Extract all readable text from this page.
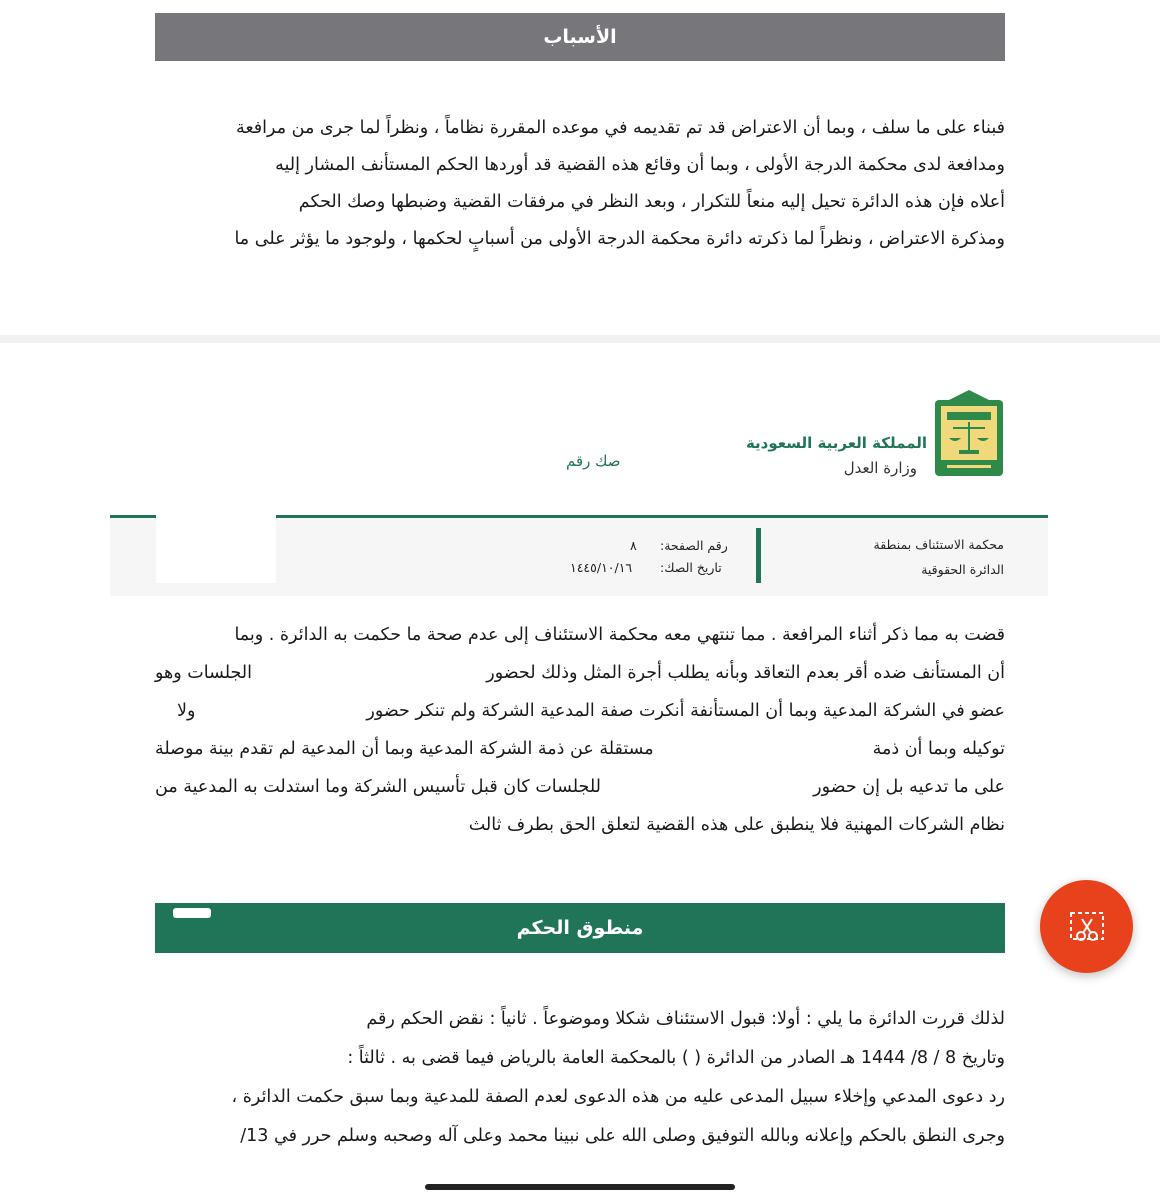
الأسباب
فبناء على ما سلف ، وبما أن الاعتراض قد تم تقديمه في موعده المقررة نظاماً ، ونظراً لما جرى من مرافعة
ومدافعة لدى محكمة الدرجة الأولى ، وبما أن وقائع هذه القضية قد أوردها الحكم المستأنف المشار إليه
أعلاه فإن هذه الدائرة تحيل إليه منعاً للتكرار ، وبعد النظر في مرفقات القضية وضبطها وصك الحكم
ومذكرة الاعتراض ، ونظراً لما ذكرته دائرة محكمة الدرجة الأولى من أسبابٍ لحكمها ، ولوجود ما يؤثر على ما
المملكة العربية السعودية
وزارة العدل
صك رقم
محكمة الاستئناف بمنطقة
الدائرة الحقوقية
رقم الصفحة:
٨
تاريخ الصك:
١٤٤٥/١٠/١٦
قضت به مما ذكر أثناء المرافعة . مما تنتهي معه محكمة الاستئناف إلى عدم صحة ما حكمت به الدائرة . وبما
أن المستأنف ضده أقر بعدم التعاقد وبأنه يطلب أجرة المثل وذلك لحضور
الجلسات وهو
عضو في الشركة المدعية وبما أن المستأنفة أنكرت صفة المدعية الشركة ولم تنكر حضور
ولا
توكيله وبما أن ذمة
مستقلة عن ذمة الشركة المدعية وبما أن المدعية لم تقدم بينة موصلة
على ما تدعيه بل إن حضور
للجلسات كان قبل تأسيس الشركة وما استدلت به المدعية من
نظام الشركات المهنية فلا ينطبق على هذه القضية لتعلق الحق بطرف ثالث
منطوق الحكم
لذلك قررت الدائرة ما يلي : أولا: قبول الاستئناف شكلا وموضوعاً . ثانياً : نقض الحكم رقم
وتاريخ 8 / 8/ 1444 هـ الصادر من الدائرة ( ) بالمحكمة العامة بالرياض فيما قضى به . ثالثاً :
رد دعوى المدعي وإخلاء سبيل المدعى عليه من هذه الدعوى لعدم الصفة للمدعية وبما سبق حكمت الدائرة ،
وجرى النطق بالحكم وإعلانه وبالله التوفيق وصلى الله على نبينا محمد وعلى آله وصحبه وسلم حرر في 13/
